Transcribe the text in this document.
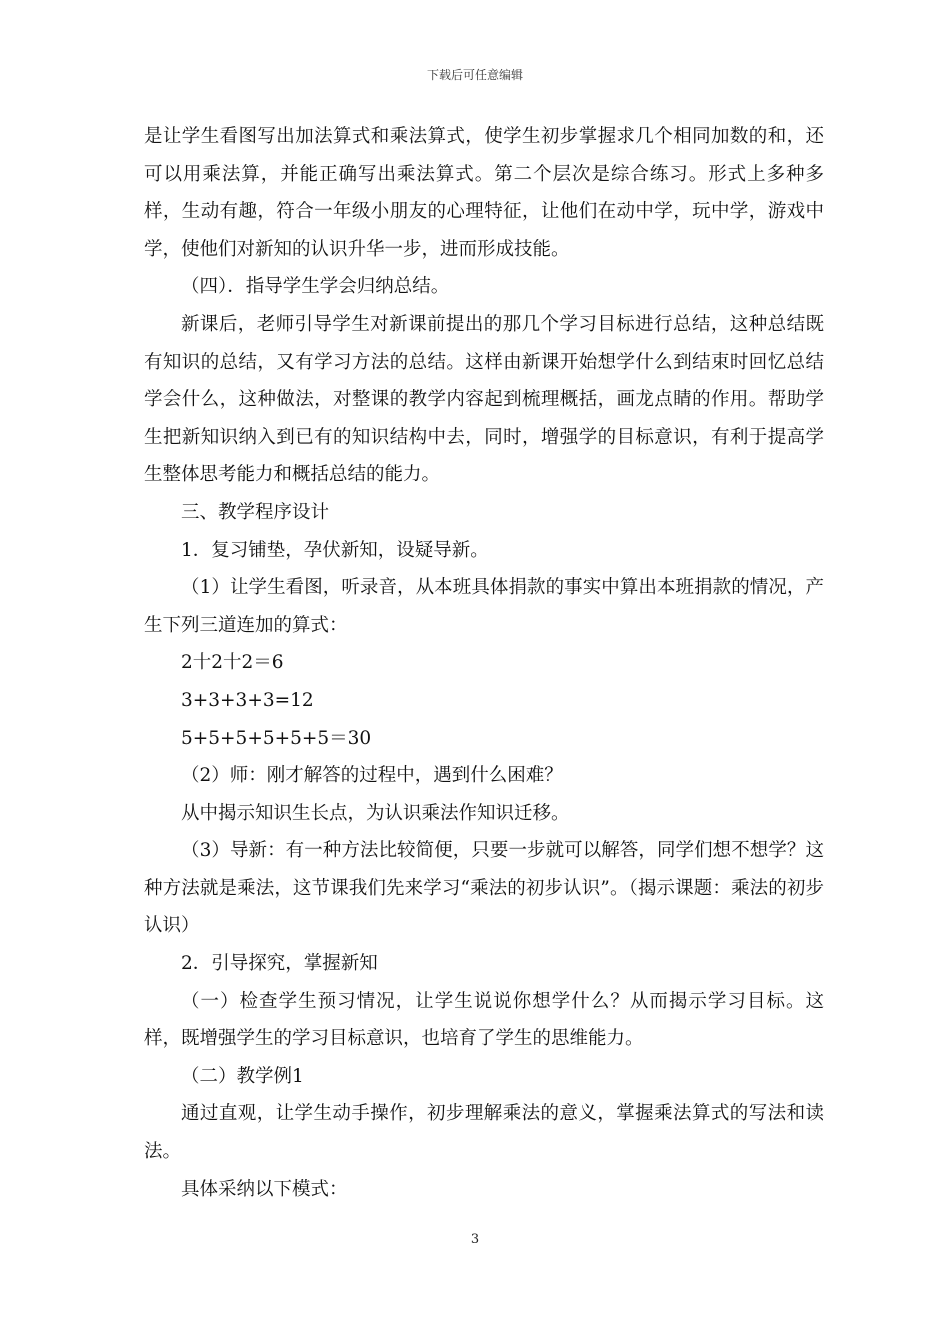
下载后可任意编辑

是让学生看图写出加法算式和乘法算式，使学生初步掌握求几个相同加数的和，还可以用乘法算，并能正确写出乘法算式。第二个层次是综合练习。形式上多种多样，生动有趣，符合一年级小朋友的心理特征，让他们在动中学，玩中学，游戏中学，使他们对新知的认识升华一步，进而形成技能。

（四）．指导学生学会归纳总结。

新课后，老师引导学生对新课前提出的那几个学习目标进行总结，这种总结既有知识的总结，又有学习方法的总结。这样由新课开始想学什么到结束时回忆总结学会什么，这种做法，对整课的教学内容起到梳理概括，画龙点睛的作用。帮助学生把新知识纳入到已有的知识结构中去，同时，增强学的目标意识，有利于提高学生整体思考能力和概括总结的能力。

三、教学程序设计

1．复习铺垫，孕伏新知，设疑导新。

（1）让学生看图，听录音，从本班具体捐款的事实中算出本班捐款的情况，产生下列三道连加的算式：

2十2十2＝6

3+3+3+3=12

5+5+5+5+5+5＝30

（2）师：刚才解答的过程中，遇到什么困难？

从中揭示知识生长点，为认识乘法作知识迁移。

（3）导新：有一种方法比较简便，只要一步就可以解答，同学们想不想学？这种方法就是乘法，这节课我们先来学习“乘法的初步认识”。（揭示课题：乘法的初步认识）

2．引导探究，掌握新知

（一）检查学生预习情况，让学生说说你想学什么？从而揭示学习目标。这样，既增强学生的学习目标意识，也培育了学生的思维能力。

（二）教学例1

通过直观，让学生动手操作，初步理解乘法的意义，掌握乘法算式的写法和读法。

具体采纳以下模式：

3
